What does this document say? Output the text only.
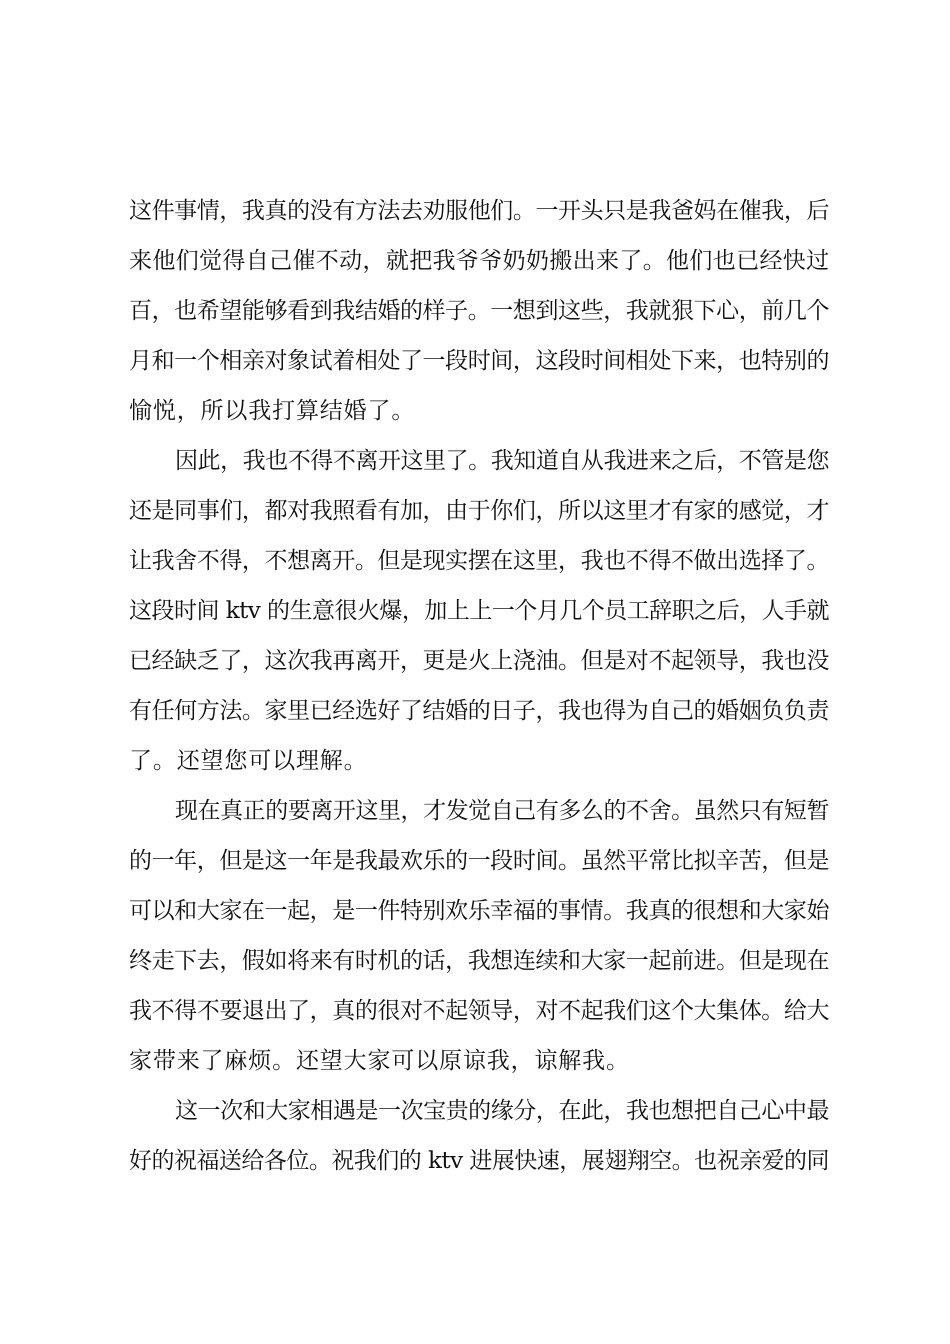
这件事情，我真的没有方法去劝服他们。一开头只是我爸妈在催我，后
来他们觉得自己催不动，就把我爷爷奶奶搬出来了。他们也已经快过
百，也希望能够看到我结婚的样子。一想到这些，我就狠下心，前几个
月和一个相亲对象试着相处了一段时间，这段时间相处下来，也特别的
愉悦，所以我打算结婚了。
因此，我也不得不离开这里了。我知道自从我进来之后，不管是您
还是同事们，都对我照看有加，由于你们，所以这里才有家的感觉，才
让我舍不得，不想离开。但是现实摆在这里，我也不得不做出选择了。
这段时间 ktv 的生意很火爆，加上上一个月几个员工辞职之后，人手就
已经缺乏了，这次我再离开，更是火上浇油。但是对不起领导，我也没
有任何方法。家里已经选好了结婚的日子，我也得为自己的婚姻负负责
了。还望您可以理解。
现在真正的要离开这里，才发觉自己有多么的不舍。虽然只有短暂
的一年，但是这一年是我最欢乐的一段时间。虽然平常比拟辛苦，但是
可以和大家在一起，是一件特别欢乐幸福的事情。我真的很想和大家始
终走下去，假如将来有时机的话，我想连续和大家一起前进。但是现在
我不得不要退出了，真的很对不起领导，对不起我们这个大集体。给大
家带来了麻烦。还望大家可以原谅我，谅解我。
这一次和大家相遇是一次宝贵的缘分，在此，我也想把自己心中最
好的祝福送给各位。祝我们的 ktv 进展快速，展翅翔空。也祝亲爱的同
